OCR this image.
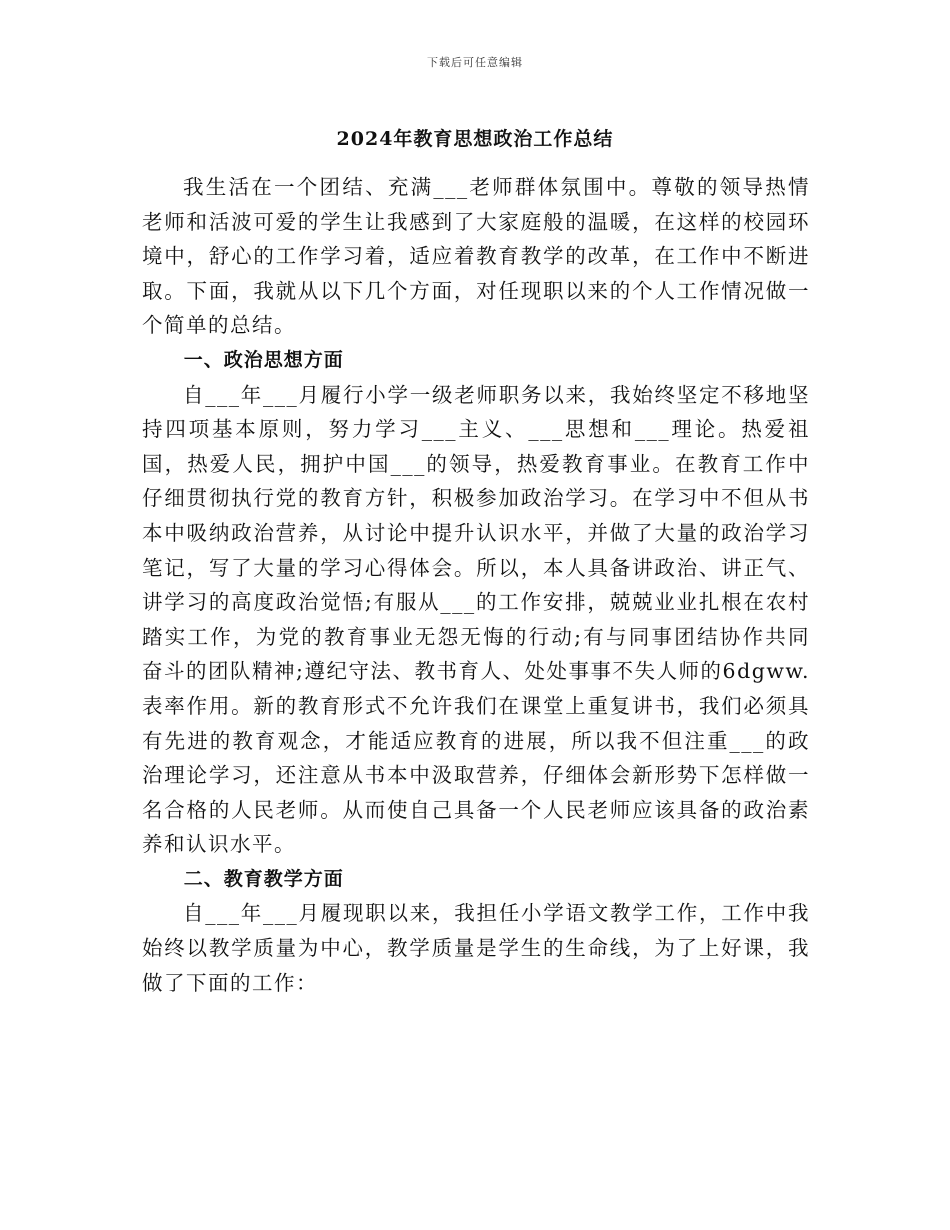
下载后可任意编辑
2024年教育思想政治工作总结

我生活在一个团结、充满___老师群体氛围中。尊敬的领导热情老师和活波可爱的学生让我感到了大家庭般的温暖，在这样的校园环境中，舒心的工作学习着，适应着教育教学的改革，在工作中不断进取。下面，我就从以下几个方面，对任现职以来的个人工作情况做一个简单的总结。

一、政治思想方面

自___年___月履行小学一级老师职务以来，我始终坚定不移地坚持四项基本原则，努力学习___主义、___思想和___理论。热爱祖国，热爱人民，拥护中国___的领导，热爱教育事业。在教育工作中仔细贯彻执行党的教育方针，积极参加政治学习。在学习中不但从书本中吸纳政治营养，从讨论中提升认识水平，并做了大量的政治学习笔记，写了大量的学习心得体会。所以，本人具备讲政治、讲正气、讲学习的高度政治觉悟;有服从___的工作安排，兢兢业业扎根在农村踏实工作，为党的教育事业无怨无悔的行动;有与同事团结协作共同奋斗的团队精神;遵纪守法、教书育人、处处事事不失人师的6dgww.表率作用。新的教育形式不允许我们在课堂上重复讲书，我们必须具有先进的教育观念，才能适应教育的进展，所以我不但注重___的政治理论学习，还注意从书本中汲取营养，仔细体会新形势下怎样做一名合格的人民老师。从而使自己具备一个人民老师应该具备的政治素养和认识水平。

二、教育教学方面

自___年___月履现职以来，我担任小学语文教学工作，工作中我始终以教学质量为中心，教学质量是学生的生命线，为了上好课，我做了下面的工作：
